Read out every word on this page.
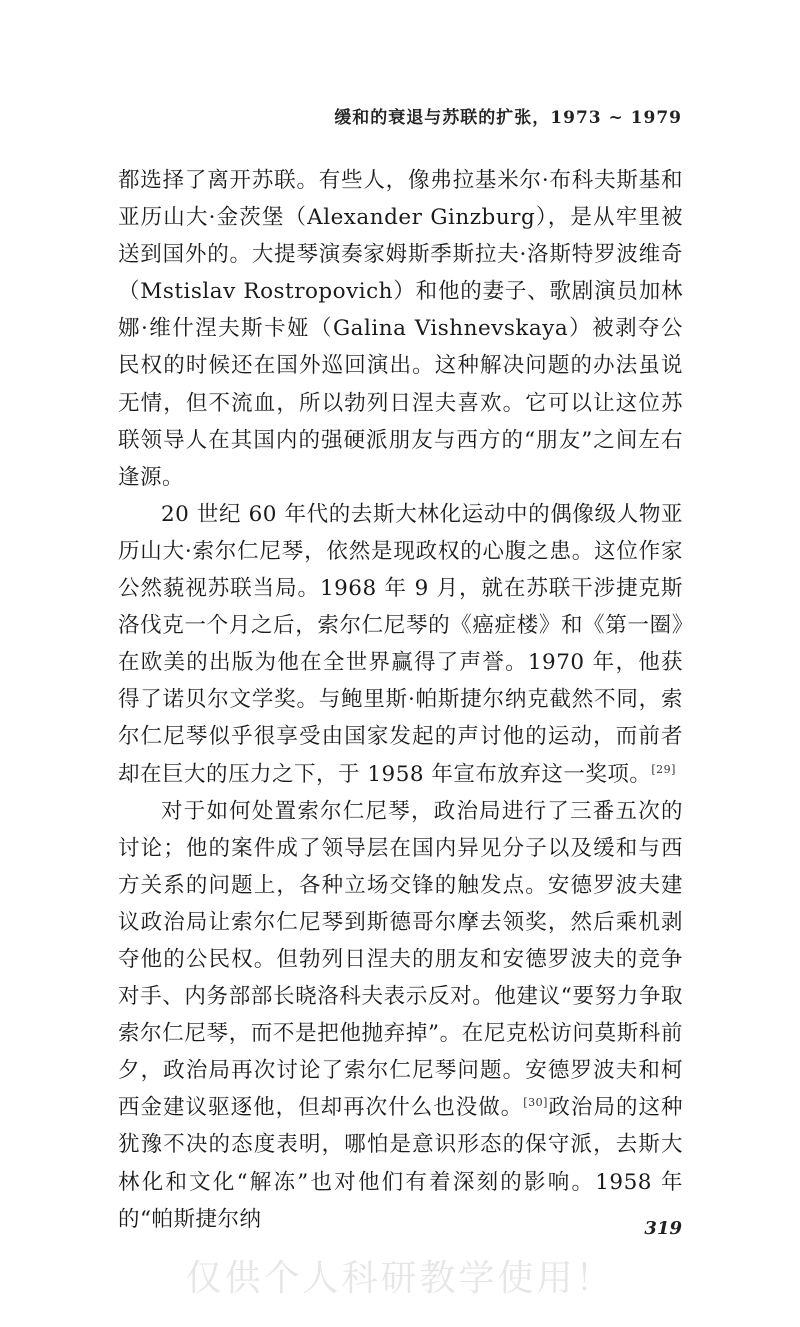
缓和的衰退与苏联的扩张，1973 ~ 1979

都选择了离开苏联。有些人，像弗拉基米尔·布科夫斯基和亚历山大·金茨堡（Alexander Ginzburg），是从牢里被送到国外的。大提琴演奏家姆斯季斯拉夫·洛斯特罗波维奇（Mstislav Rostropovich）和他的妻子、歌剧演员加林娜·维什涅夫斯卡娅（Galina Vishnevskaya）被剥夺公民权的时候还在国外巡回演出。这种解决问题的办法虽说无情，但不流血，所以勃列日涅夫喜欢。它可以让这位苏联领导人在其国内的强硬派朋友与西方的“朋友”之间左右逢源。

20 世纪 60 年代的去斯大林化运动中的偶像级人物亚历山大·索尔仁尼琴，依然是现政权的心腹之患。这位作家公然藐视苏联当局。1968 年 9 月，就在苏联干涉捷克斯洛伐克一个月之后，索尔仁尼琴的《癌症楼》和《第一圈》在欧美的出版为他在全世界赢得了声誉。1970 年，他获得了诺贝尔文学奖。与鲍里斯·帕斯捷尔纳克截然不同，索尔仁尼琴似乎很享受由国家发起的声讨他的运动，而前者却在巨大的压力之下，于 1958 年宣布放弃这一奖项。[29]

对于如何处置索尔仁尼琴，政治局进行了三番五次的讨论；他的案件成了领导层在国内异见分子以及缓和与西方关系的问题上，各种立场交锋的触发点。安德罗波夫建议政治局让索尔仁尼琴到斯德哥尔摩去领奖，然后乘机剥夺他的公民权。但勃列日涅夫的朋友和安德罗波夫的竞争对手、内务部部长晓洛科夫表示反对。他建议“要努力争取索尔仁尼琴，而不是把他抛弃掉”。在尼克松访问莫斯科前夕，政治局再次讨论了索尔仁尼琴问题。安德罗波夫和柯西金建议驱逐他，但却再次什么也没做。[30]政治局的这种犹豫不决的态度表明，哪怕是意识形态的保守派，去斯大林化和文化“解冻”也对他们有着深刻的影响。1958 年的“帕斯捷尔纳	319
仅供个人科研教学使用！
